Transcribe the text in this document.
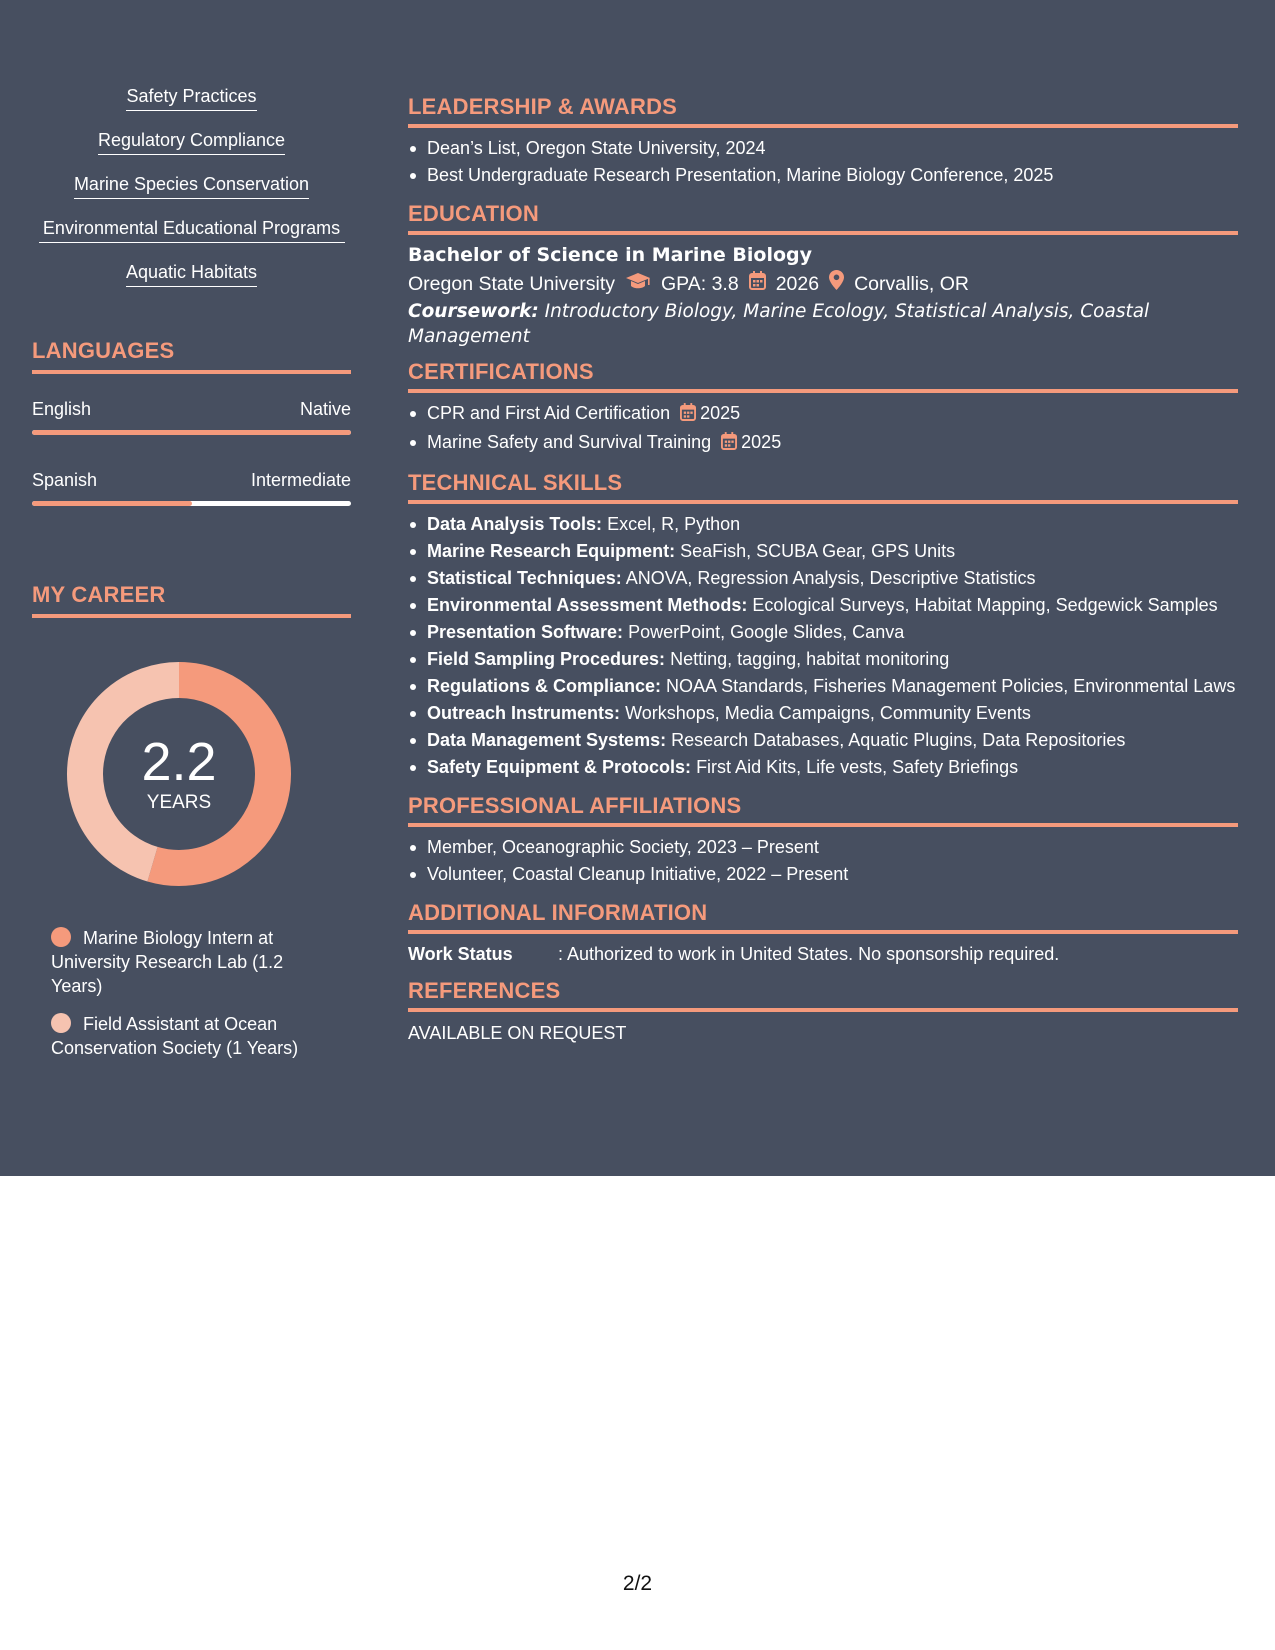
Safety Practices
Regulatory Compliance
Marine Species Conservation
Environmental Educational Programs
Aquatic Habitats
LANGUAGES
English	Native
Spanish	Intermediate
MY CAREER
2.2
YEARS
Marine Biology Intern at University Research Lab (1.2 Years)
Field Assistant at Ocean Conservation Society (1 Years)
LEADERSHIP & AWARDS
Dean’s List, Oregon State University, 2024
Best Undergraduate Research Presentation, Marine Biology Conference, 2025
EDUCATION
Bachelor of Science in Marine Biology
Oregon State University GPA: 3.8 2026 Corvallis, OR
Coursework: Introductory Biology, Marine Ecology, Statistical Analysis, Coastal Management
CERTIFICATIONS
CPR and First Aid Certification 2025
Marine Safety and Survival Training 2025
TECHNICAL SKILLS
Data Analysis Tools: Excel, R, Python
Marine Research Equipment: SeaFish, SCUBA Gear, GPS Units
Statistical Techniques: ANOVA, Regression Analysis, Descriptive Statistics
Environmental Assessment Methods: Ecological Surveys, Habitat Mapping, Sedgewick Samples
Presentation Software: PowerPoint, Google Slides, Canva
Field Sampling Procedures: Netting, tagging, habitat monitoring
Regulations & Compliance: NOAA Standards, Fisheries Management Policies, Environmental Laws
Outreach Instruments: Workshops, Media Campaigns, Community Events
Data Management Systems: Research Databases, Aquatic Plugins, Data Repositories
Safety Equipment & Protocols: First Aid Kits, Life vests, Safety Briefings
PROFESSIONAL AFFILIATIONS
Member, Oceanographic Society, 2023 – Present
Volunteer, Coastal Cleanup Initiative, 2022 – Present
ADDITIONAL INFORMATION
Work Status	: Authorized to work in United States. No sponsorship required.
REFERENCES
AVAILABLE ON REQUEST
2/2
